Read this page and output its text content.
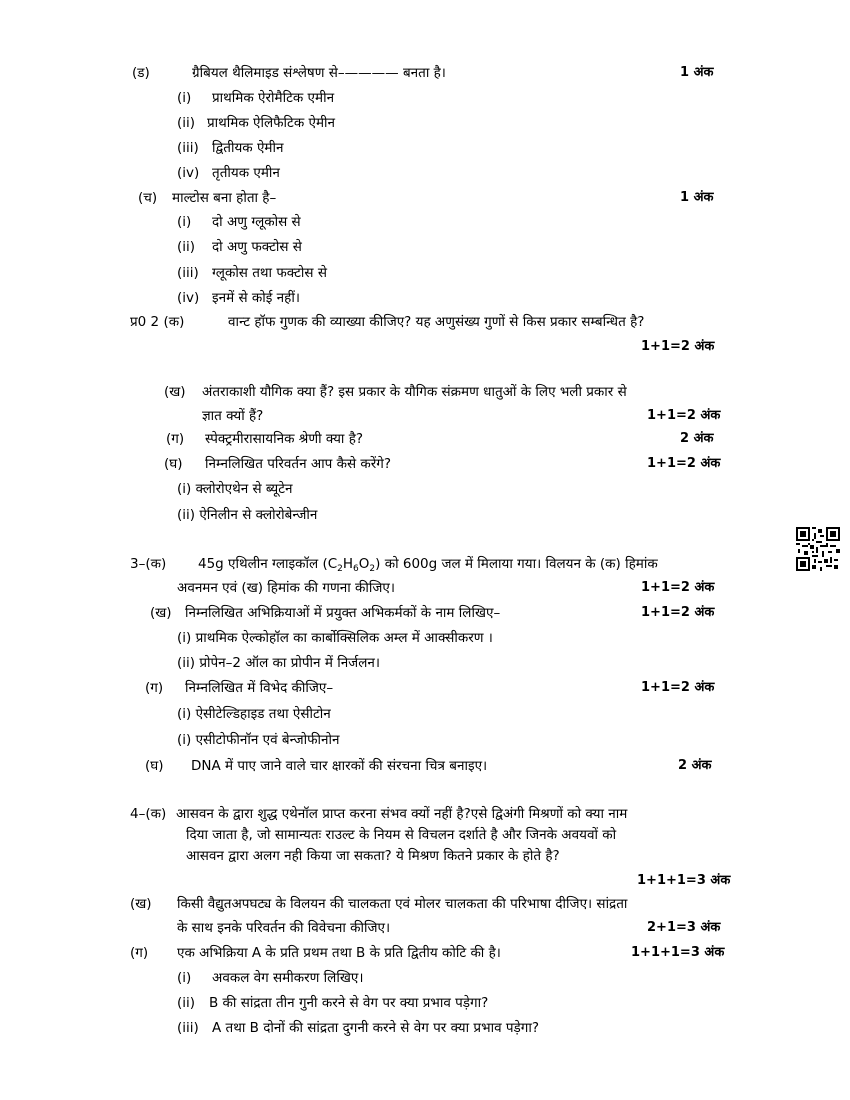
(ड)	ग्रैबियल थैलिमाइड संश्लेषण से–———— बनता है।	1 अंक
(i) प्राथमिक ऐरोमैटिक एमीन
(ii) प्राथमिक ऐलिफैटिक ऐमीन
(iii) द्वितीयक ऐमीन
(iv) तृतीयक एमीन
(च) माल्टोस बना होता है–	1 अंक
(i) दो अणु ग्लूकोस से
(ii) दो अणु फक्टोस से
(iii) ग्लूकोस तथा फक्टोस से
(iv) इनमें से कोई नहीं।
प्र0 2 (क)	वान्ट हॉफ गुणक की व्याख्या कीजिए? यह अणुसंख्य गुणों से किस प्रकार सम्बन्धित है?
1+1=2 अंक
(ख) अंतराकाशी यौगिक क्या हैं? इस प्रकार के यौगिक संक्रमण धातुओं के लिए भली प्रकार से
ज्ञात क्यों हैं?	1+1=2 अंक
(ग) स्पेक्ट्रमीरासायनिक श्रेणी क्या है?	2 अंक
(घ) निम्नलिखित परिवर्तन आप कैसे करेंगे?	1+1=2 अंक
(i) क्लोरोएथेन से ब्यूटेन
(ii) ऐनिलीन से क्लोरोबेन्जीन
3–(क) 45g एथिलीन ग्लाइकॉल $(C_2H_6O_2)$ को 600g जल में मिलाया गया। विलयन के (क) हिमांक
अवनमन एवं (ख) हिमांक की गणना कीजिए।	1+1=2 अंक
(ख) निम्नलिखित अभिक्रियाओं में प्रयुक्त अभिकर्मकों के नाम लिखिए–	1+1=2 अंक
(i) प्राथमिक ऐल्कोहॉल का कार्बोक्सिलिक अम्ल में आक्सीकरण ।
(ii) प्रोपेन–2 ऑल का प्रोपीन में निर्जलन।
(ग) निम्नलिखित में विभेद कीजिए–	1+1=2 अंक
(i) ऐसीटेल्डिहाइड तथा ऐसीटोन
(i) एसीटोफीनॉन एवं बेन्जोफीनोन
(घ) DNA में पाए जाने वाले चार क्षारकों की संरचना चित्र बनाइए।	2 अंक
4–(क) आसवन के द्वारा शुद्ध एथेनॉल प्राप्त करना संभव क्यों नहीं है?एसे द्विअंगी मिश्रणों को क्या नाम
दिया जाता है, जो सामान्यतः राउल्ट के नियम से विचलन दर्शाते है और जिनके अवयवों को
आसवन द्वारा अलग नही किया जा सकता? ये मिश्रण कितने प्रकार के होते है?
1+1+1=3 अंक
(ख) किसी वैद्युतअपघट्य के विलयन की चालकता एवं मोलर चालकता की परिभाषा दीजिए। सांद्रता
के साथ इनके परिवर्तन की विवेचना कीजिए।	2+1=3 अंक
(ग) एक अभिक्रिया A के प्रति प्रथम तथा B के प्रति द्वितीय कोटि की है।	1+1+1=3 अंक
(i) अवकल वेग समीकरण लिखिए।
(ii) B की सांद्रता तीन गुनी करने से वेग पर क्या प्रभाव पड़ेगा?
(iii) A तथा B दोनों की सांद्रता दुगनी करने से वेग पर क्या प्रभाव पड़ेगा?
